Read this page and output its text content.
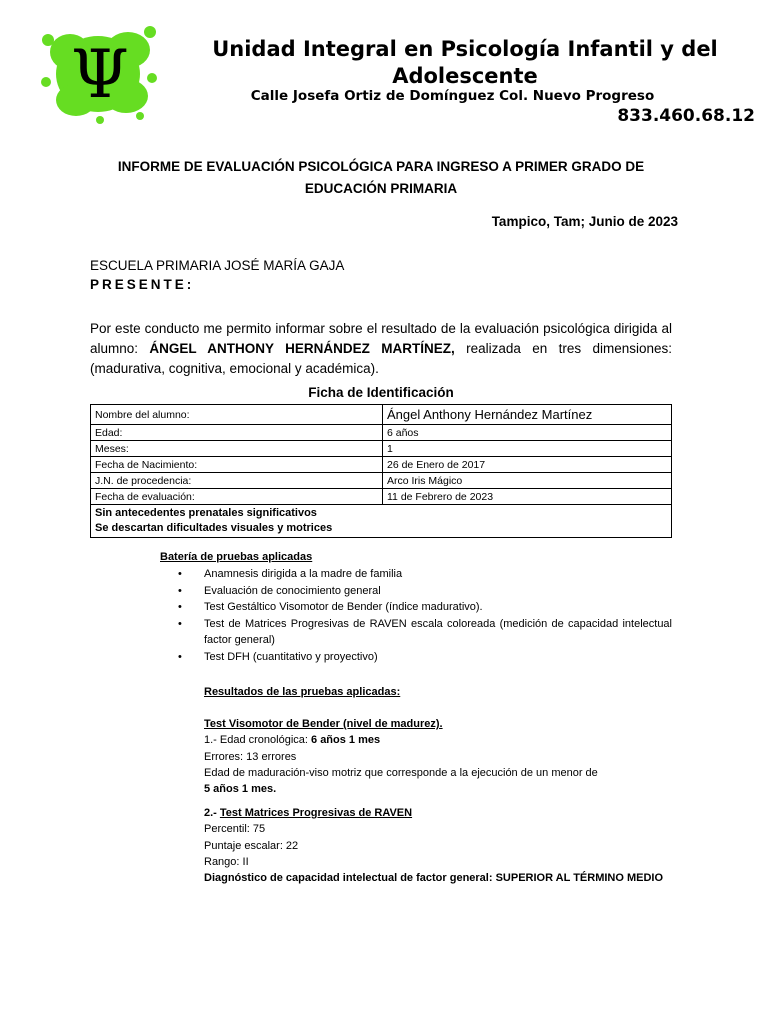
Ψ	Unidad Integral en Psicología Infantil y del Adolescente
Calle Josefa Ortiz de Domínguez Col. Nuevo Progreso
833.460.68.12
INFORME DE EVALUACIÓN PSICOLÓGICA PARA INGRESO A PRIMER GRADO DE EDUCACIÓN PRIMARIA
Tampico, Tam; Junio de 2023
ESCUELA PRIMARIA JOSÉ MARÍA GAJA
PRESENTE:
Por este conducto me permito informar sobre el resultado de la evaluación psicológica dirigida al alumno: ÁNGEL ANTHONY HERNÁNDEZ MARTÍNEZ, realizada en tres dimensiones: (madurativa, cognitiva, emocional y académica).
Ficha de Identificación
Nombre del alumno:	Ángel Anthony Hernández Martínez
Edad:	6 años
Meses:	1
Fecha de Nacimiento:	26 de Enero de 2017
J.N. de procedencia:	Arco Iris Mágico
Fecha de evaluación:	11 de Febrero de 2023

Sin antecedentes prenatales significativos
Se descartan dificultades visuales y motrices	
Batería de pruebas aplicadas
• Anamnesis dirigida a la madre de familia
• Evaluación de conocimiento general
• Test Gestáltico Visomotor de Bender (índice madurativo).
• Test de Matrices Progresivas de RAVEN escala coloreada (medición de capacidad intelectual factor general)
• Test DFH (cuantitativo y proyectivo)
Resultados de las pruebas aplicadas:
Test Visomotor de Bender (nivel de madurez).
1.- Edad cronológica: 6 años 1 mes
Errores: 13 errores
Edad de maduración-viso motriz que corresponde a la ejecución de un menor de
5 años 1 mes.
2.- Test Matrices Progresivas de RAVEN
Percentil: 75
Puntaje escalar: 22
Rango: II
Diagnóstico de capacidad intelectual de factor general: SUPERIOR AL TÉRMINO MEDIO
